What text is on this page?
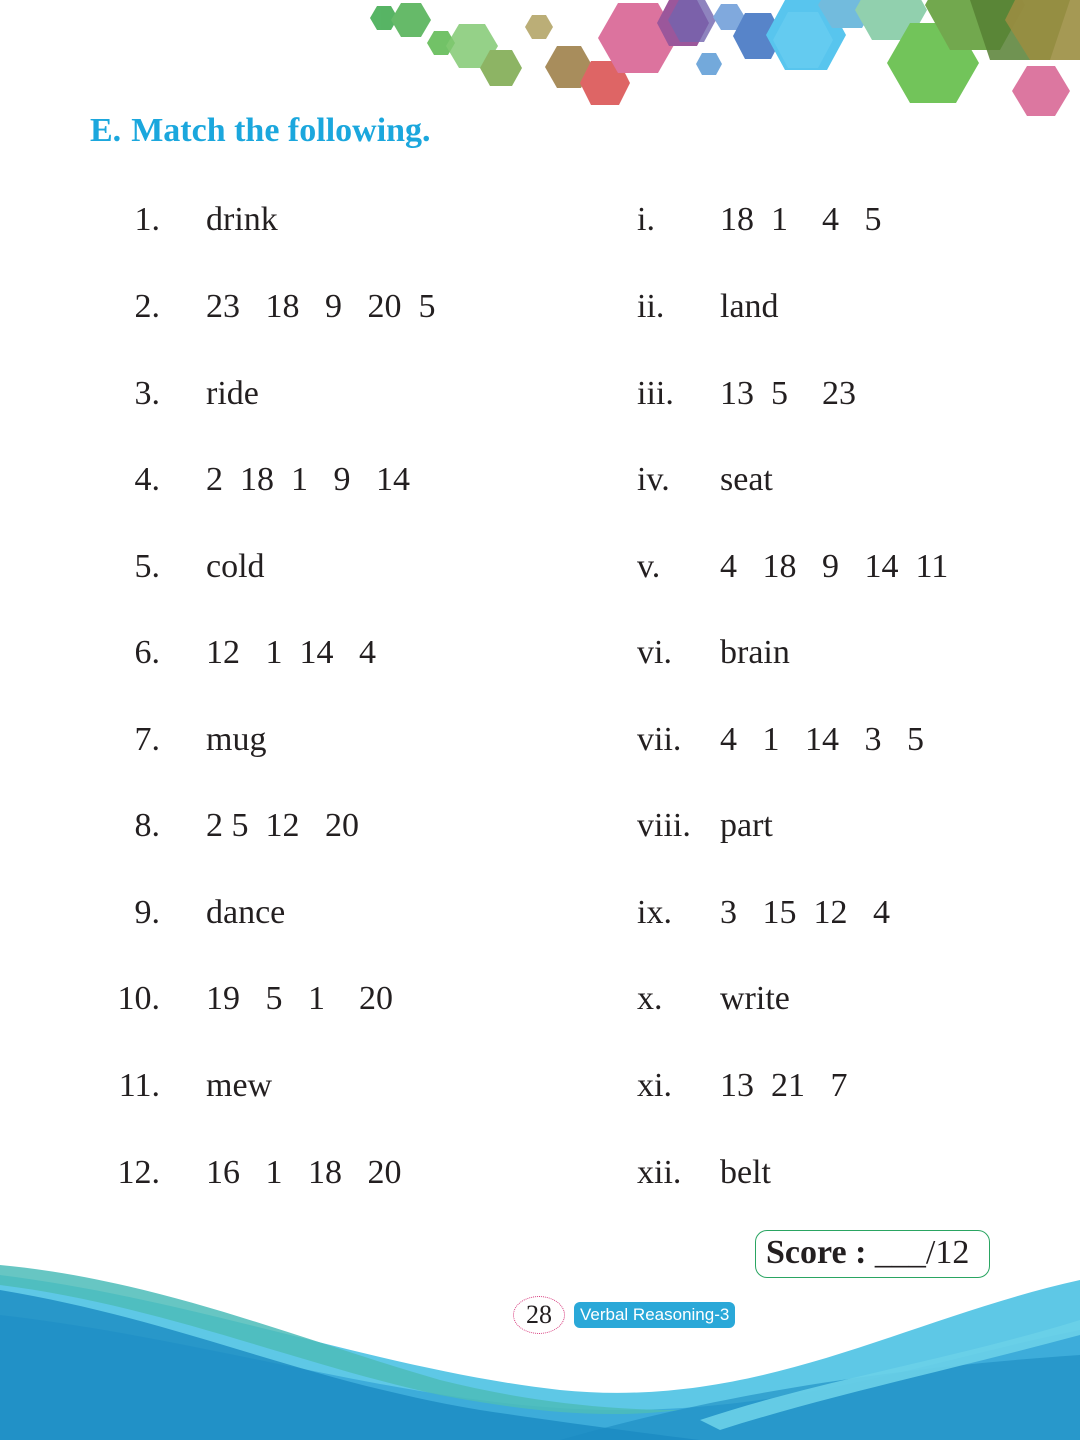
E. Match the following.
1. drink
2. 23   18   9   20  5
3. ride
4. 2  18  1   9   14
5. cold
6. 12   1  14   4
7. mug
8. 2 5  12   20
9. dance
10. 19   5   1    20
11. mew
12. 16   1   18   20
i. 18  1    4   5
ii. land
iii. 13  5    23
iv. seat
v. 4   18   9   14  11
vi. brain
vii. 4   1   14   3   5
viii. part
ix. 3   15  12   4
x. write
xi. 13  21   7
xii. belt
Score : ___/12
28	Verbal Reasoning-3
